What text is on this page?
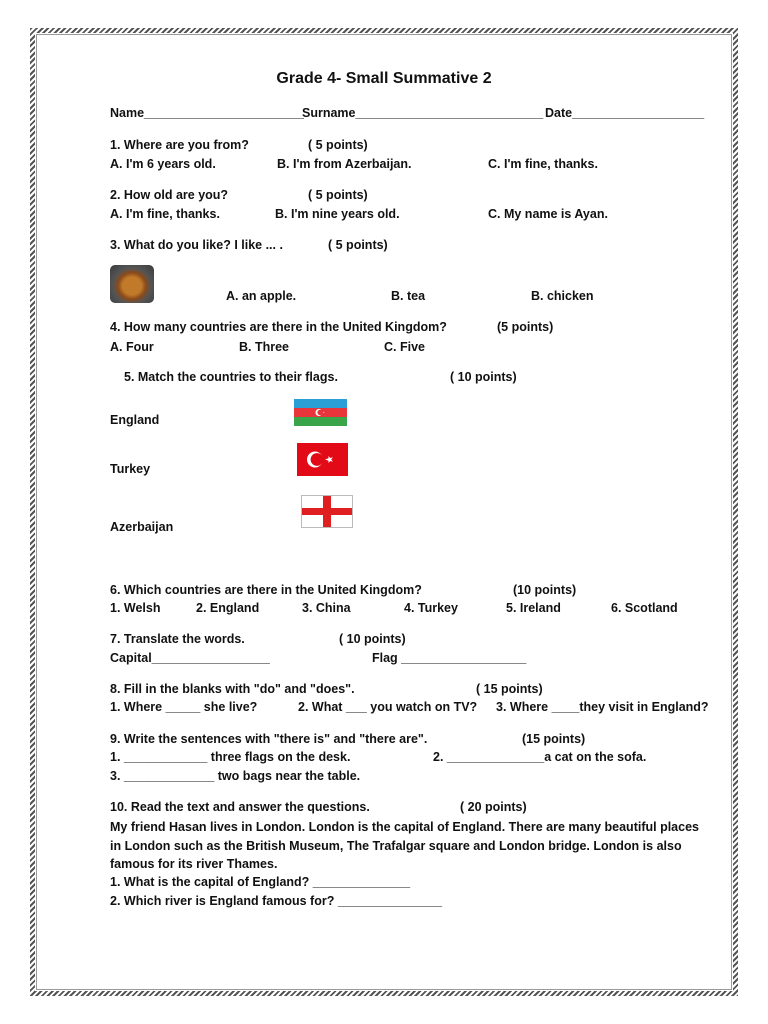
Grade 4- Small Summative 2
Name_______________________
Surname___________________________ Date___________________
1. Where are you from?	( 5 points)
A. I'm 6 years old.	B. I'm from Azerbaijan.	C. I'm fine, thanks.
2. How old are you?	( 5 points)
A. I'm fine, thanks.	B. I'm nine years old.	C. My name is Ayan.
3. What do you like? I like ... .	( 5 points)
A. an apple.	B. tea	B. chicken
4. How many countries are there in the United Kingdom?	(5 points)
A. Four	B. Three	C. Five
5. Match the countries to their flags.	( 10 points)
England
Turkey
Azerbaijan
6. Which countries are there in the United Kingdom?	(10 points)
1. Welsh	2. England	3. China	4. Turkey	5. Ireland	6. Scotland
7. Translate the words.	( 10 points)
Capital_________________	Flag __________________
8. Fill in the blanks with "do" and "does".	( 15 points)
1. Where _____ she live?	2. What ___ you watch on TV? 3. Where ____they visit in England?
9. Write the sentences with "there is" and "there are".	(15 points)
1. ____________ three flags on the desk.	2. ______________a cat on the sofa.
3. _____________ two bags near the table.
10. Read the text and answer the questions.	( 20 points)
My friend Hasan lives in London. London is the capital of England. There are many beautiful places in London such as the British Museum, The Trafalgar square and London bridge. London is also famous for its river Thames.
1. What is the capital of England? ______________
2. Which river is England famous for? _______________
